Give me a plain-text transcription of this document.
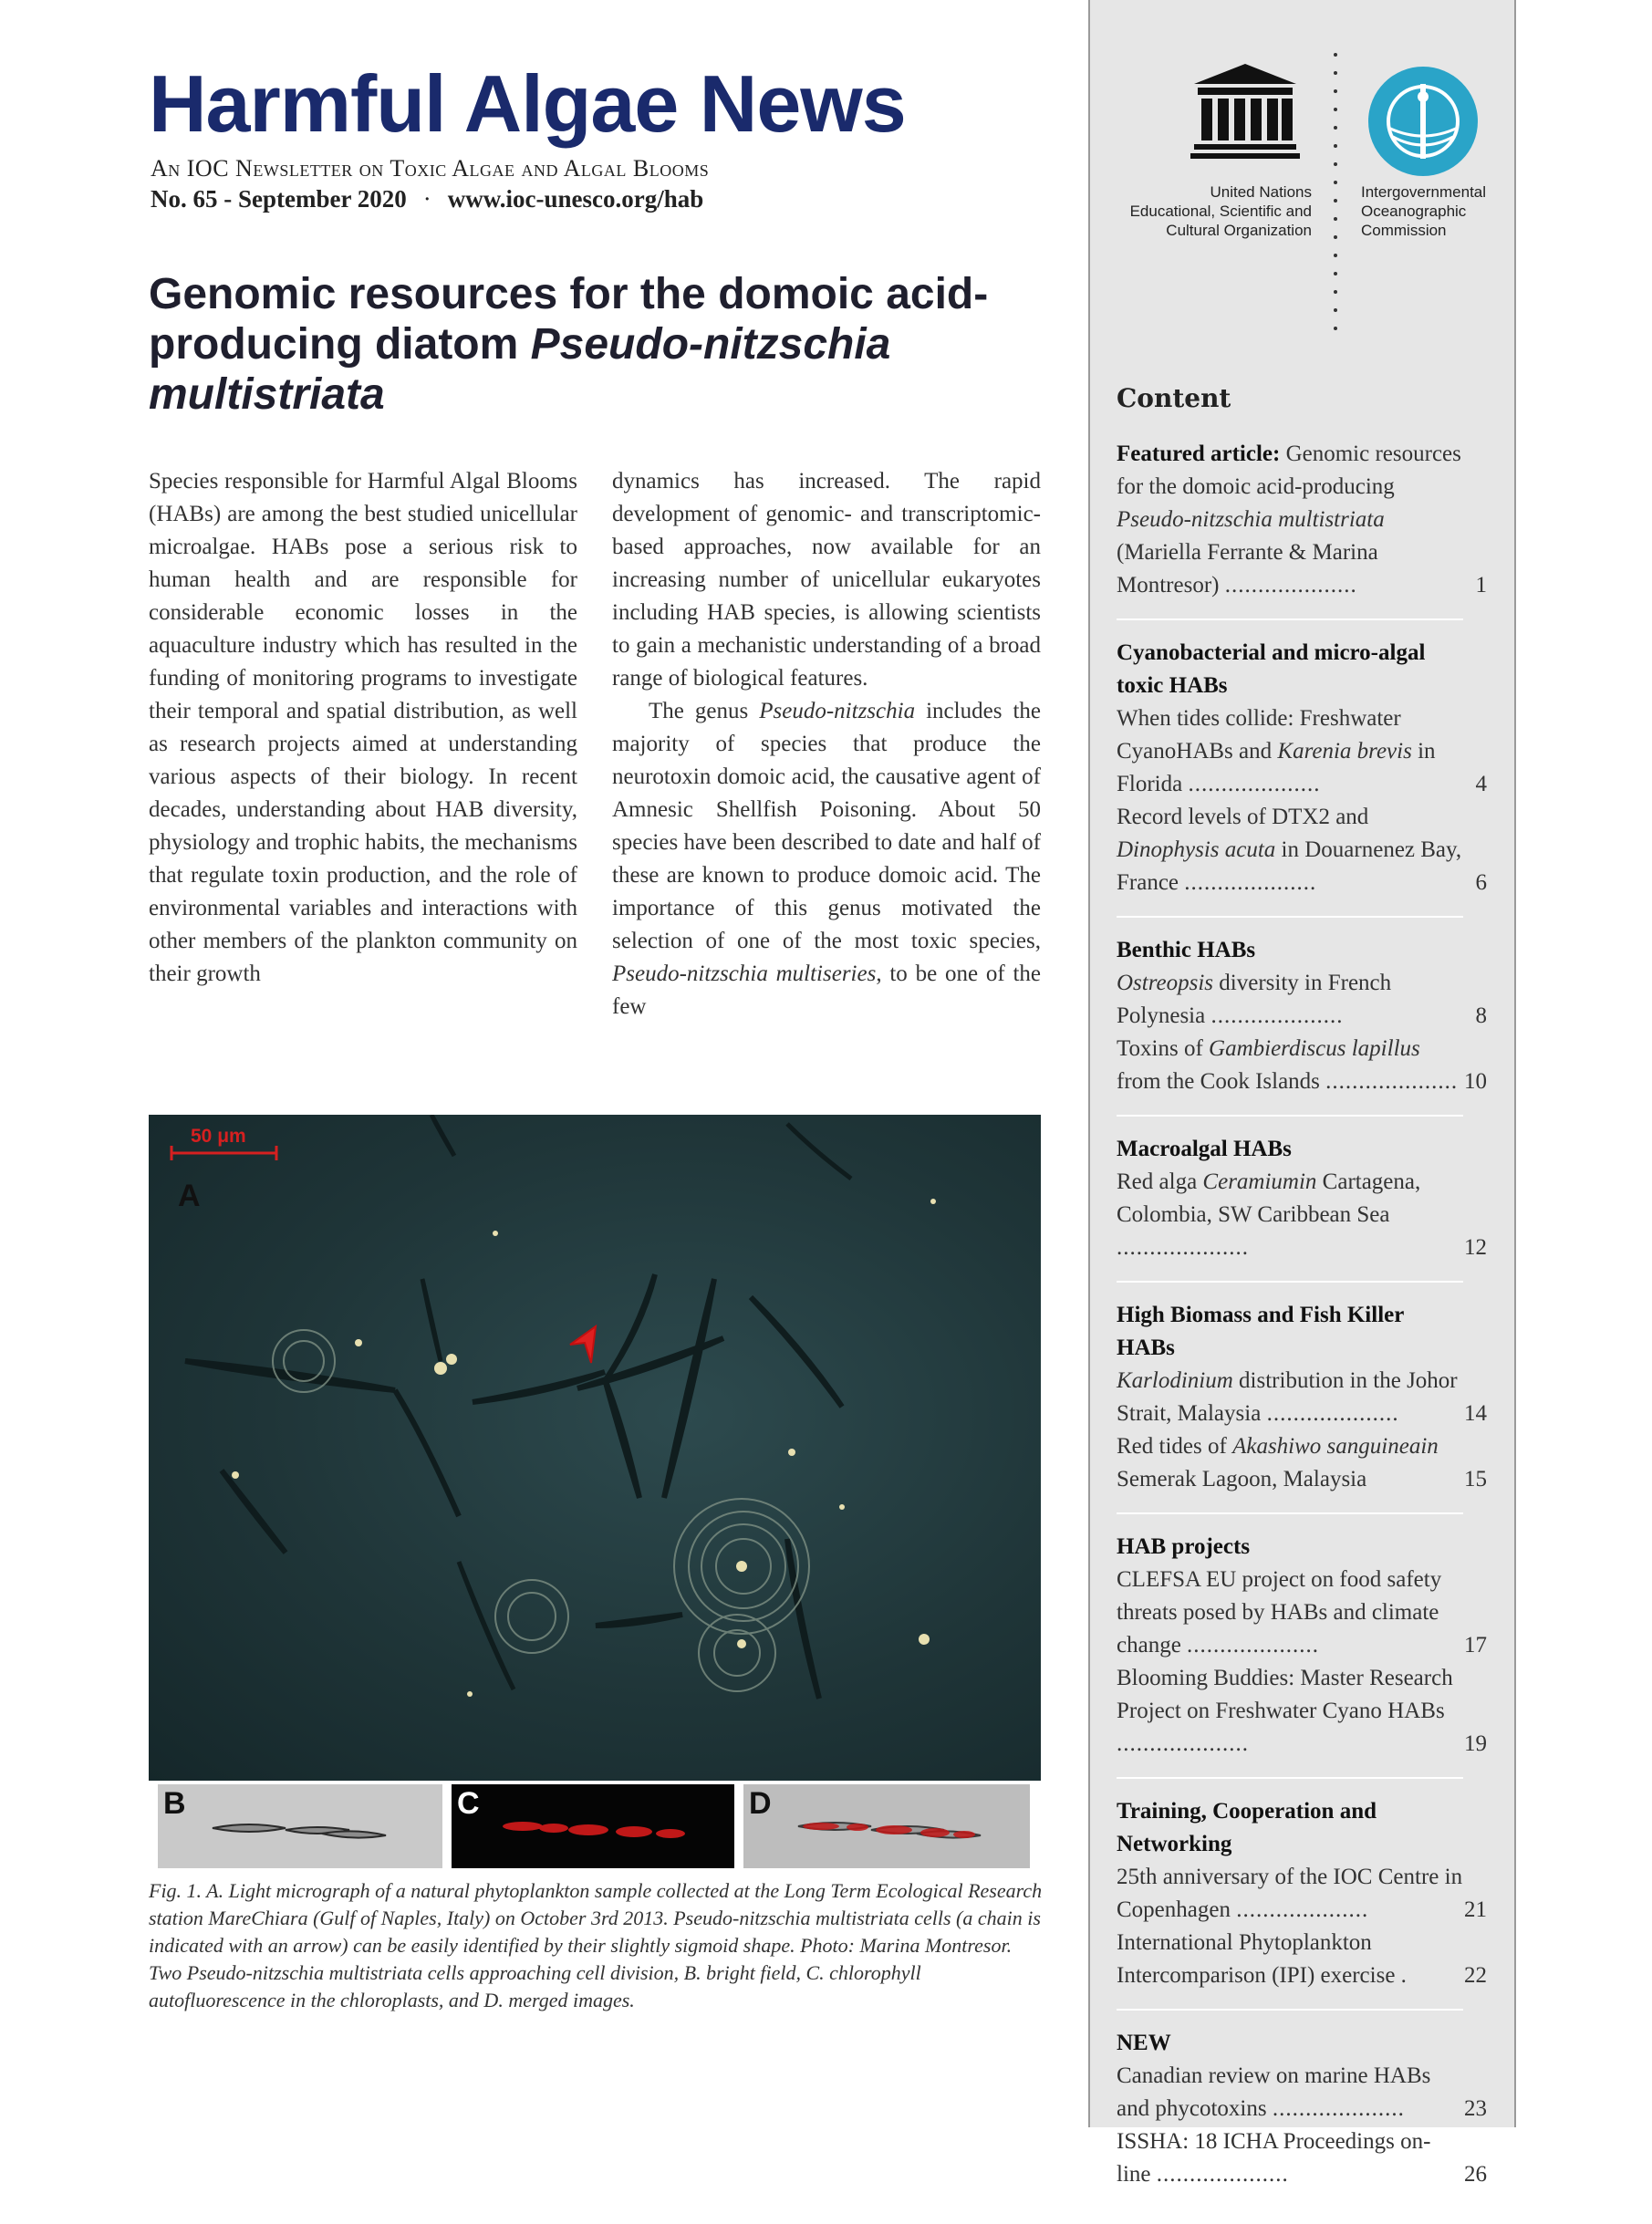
Harmful Algae News
An IOC Newsletter on Toxic Algae and Algal Blooms
No. 65 - September 2020 · www.ioc-unesco.org/hab
Genomic resources for the domoic acid-producing diatom Pseudo-nitzschia multistriata

Species responsible for Harmful Algal Blooms (HABs) are among the best studied unicellular microalgae. HABs pose a serious risk to human health and are responsible for considerable economic losses in the aquaculture industry which has resulted in the funding of monitoring programs to investigate their temporal and spatial distribution, as well as research projects aimed at understanding various aspects of their biology. In recent decades, understanding about HAB diversity, physiology and trophic habits, the mechanisms that regulate toxin production, and the role of environmental variables and interactions with other members of the plankton community on their growth

dynamics has increased. The rapid development of genomic- and transcriptomic-based approaches, now available for an increasing number of unicellular eukaryotes including HAB species, is allowing scientists to gain a mechanistic understanding of a broad range of biological features.

The genus Pseudo-nitzschia includes the majority of species that produce the neurotoxin domoic acid, the causative agent of Amnesic Shellfish Poisoning. About 50 species have been described to date and half of these are known to produce domoic acid. The importance of this genus motivated the selection of one of the most toxic species, Pseudo-nitzschia multiseries, to be one of the few

50 μm
A
B	C	D
Fig. 1. A. Light micrograph of a natural phytoplankton sample collected at the Long Term Ecological Research station MareChiara (Gulf of Naples, Italy) on October 3rd 2013. Pseudo-nitzschia multistriata cells (a chain is indicated with an arrow) can be easily identified by their slightly sigmoid shape. Photo: Marina Montresor. Two Pseudo-nitzschia multistriata cells approaching cell division, B. bright field, C. chlorophyll autofluorescence in the chloroplasts, and D. merged images.
United Nations
Educational, Scientific and
Cultural Organization
Intergovernmental
Oceanographic
Commission
Content
Featured article: Genomic resources for the domoic acid-producing Pseudo-nitzschia multistriata (Mariella Ferrante & Marina Montresor) ....................	1
Cyanobacterial and micro-algal toxic HABs
When tides collide: Freshwater CyanoHABs and Karenia brevis in Florida ....................	4
Record levels of DTX2 and Dinophysis acuta in Douarnenez Bay, France ....................	6
Benthic HABs
Ostreopsis diversity in French Polynesia ....................	8
Toxins of Gambierdiscus lapillus from the Cook Islands .................... 10
Macroalgal HABs
Red alga Ceramiumin Cartagena, Colombia, SW Caribbean Sea ....................	12
High Biomass and Fish Killer HABs
Karlodinium distribution in the Johor Strait, Malaysia ....................	14
Red tides of Akashiwo sanguineain Semerak Lagoon, Malaysia	15
HAB projects
CLEFSA EU project on food safety threats posed by HABs and climate change ....................	17
Blooming Buddies: Master Research Project on Freshwater Cyano HABs ....................	19
Training, Cooperation and Networking
25th anniversary of the IOC Centre in Copenhagen ....................	21
International Phytoplankton Intercomparison (IPI) exercise .	22
NEW
Canadian review on marine HABs and phycotoxins ....................	23
ISSHA: 18 ICHA Proceedings on-line ....................	26
